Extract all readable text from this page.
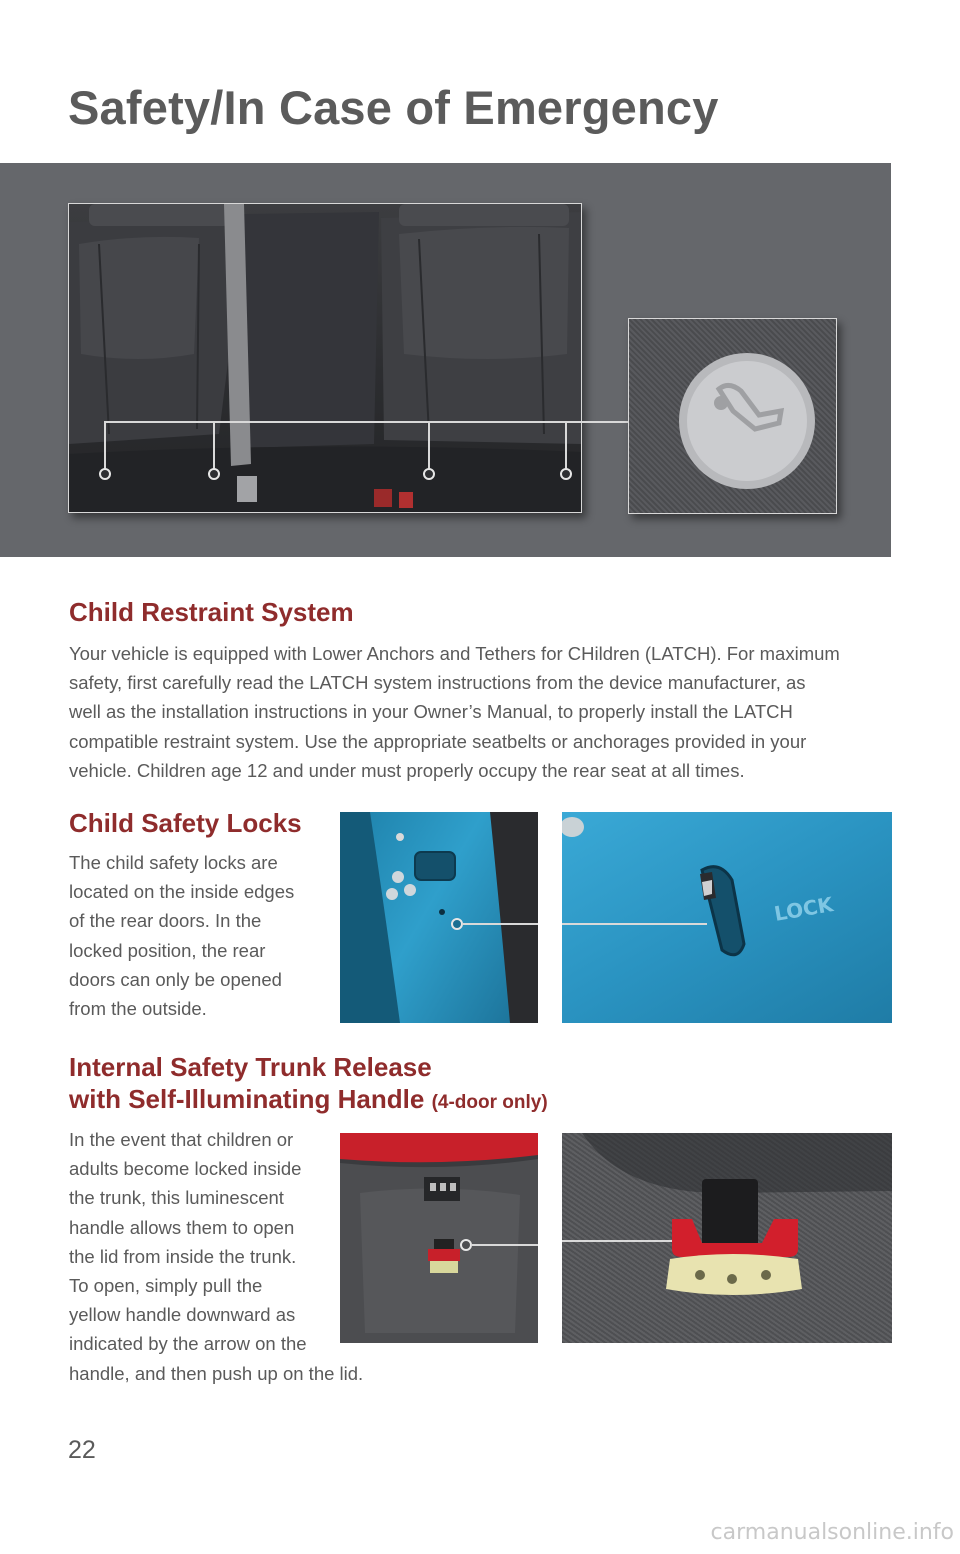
Safety/In Case of Emergency
Child Restraint System

Your vehicle is equipped with Lower Anchors and Tethers for CHildren (LATCH). For maximum
safety, first carefully read the LATCH system instructions from the device manufacturer, as
well as the installation instructions in your Owner’s Manual, to properly install the LATCH
compatible restraint system. Use the appropriate seatbelts or anchorages provided in your
vehicle. Children age 12 and under must properly occupy the rear seat at all times.

Child Safety Locks

The child safety locks are
located on the inside edges
of the rear doors. In the
locked position, the rear
doors can only be opened
from the outside.

LOCK
Internal Safety Trunk Release
with Self-Illuminating Handle (4-door only)

In the event that children or
adults become locked inside
the trunk, this luminescent
handle allows them to open
the lid from inside the trunk.
To open, simply pull the
yellow handle downward as
indicated by the arrow on the
handle, and then push up on the lid.

22

carmanualsonline.info
